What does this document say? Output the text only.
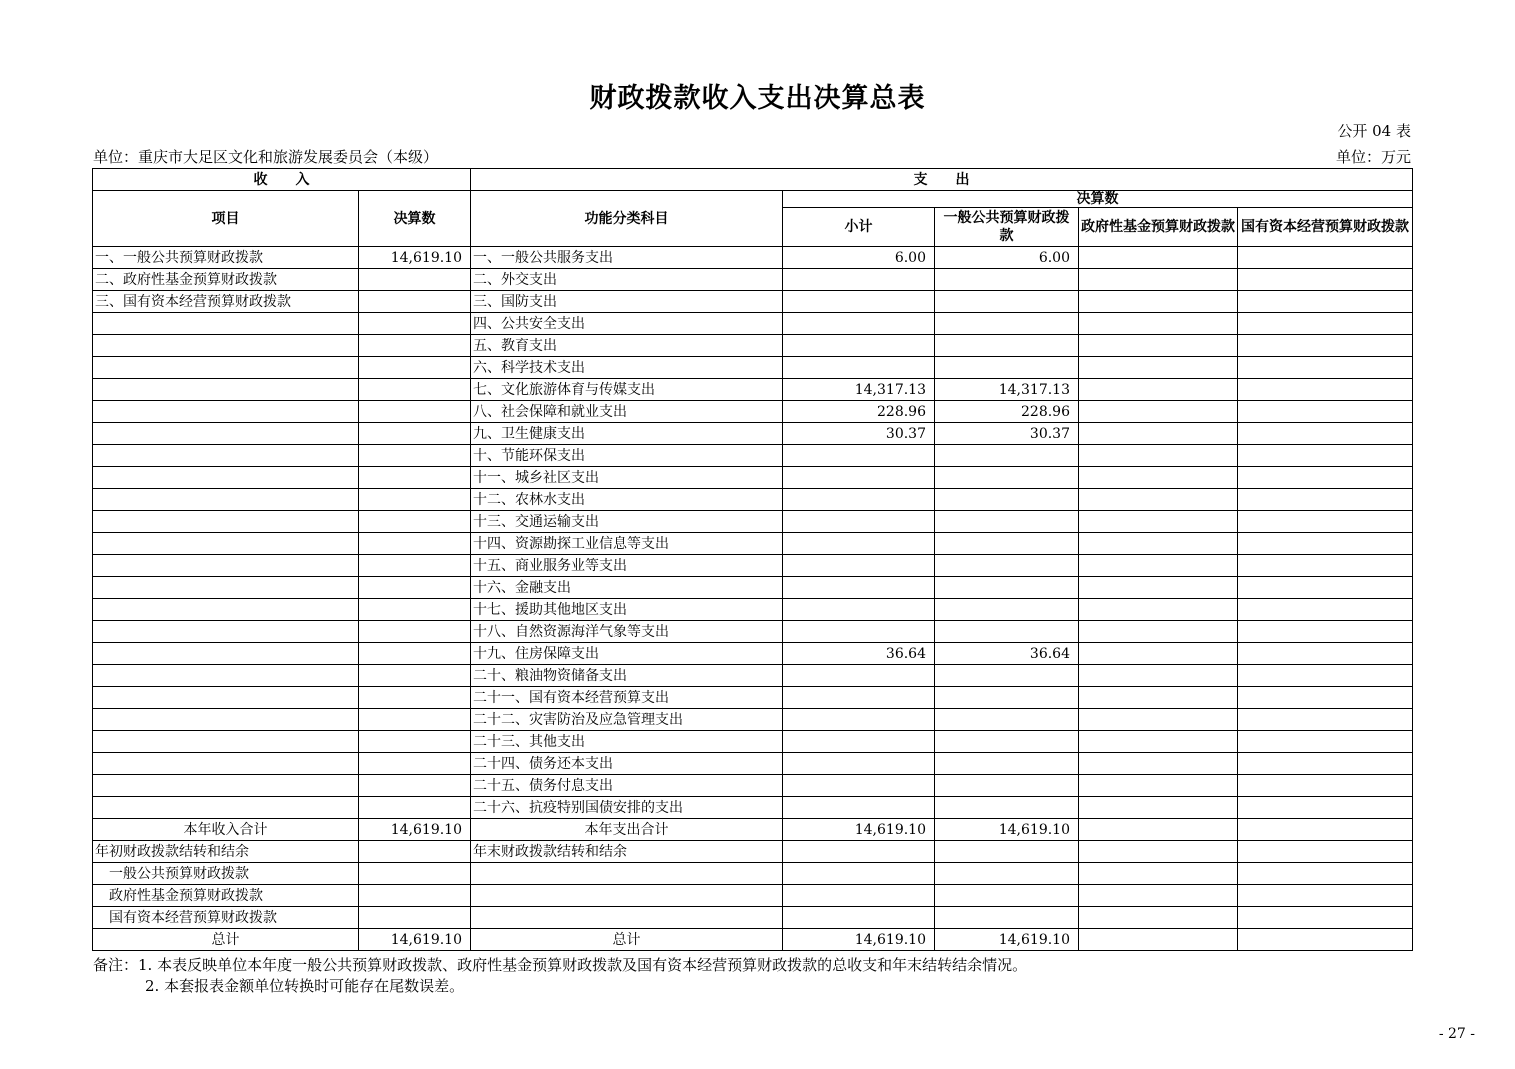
财政拨款收入支出决算总表
公开 04 表
单位：重庆市大足区文化和旅游发展委员会（本级）	单位：万元
收　　入		支　　出				
项目	决算数	功能分类科目	决算数			
			小计	一般公共预算财政拨款	政府性基金预算财政拨款	国有资本经营预算财政拨款
一、一般公共预算财政拨款	14,619.10	一、一般公共服务支出	6.00	6.00		
二、政府性基金预算财政拨款		二、外交支出				
三、国有资本经营预算财政拨款		三、国防支出				
		四、公共安全支出				
		五、教育支出				
		六、科学技术支出				
		七、文化旅游体育与传媒支出	14,317.13	14,317.13		
		八、社会保障和就业支出	228.96	228.96		
		九、卫生健康支出	30.37	30.37		
		十、节能环保支出				
		十一、城乡社区支出				
		十二、农林水支出				
		十三、交通运输支出				
		十四、资源勘探工业信息等支出				
		十五、商业服务业等支出				
		十六、金融支出				
		十七、援助其他地区支出				
		十八、自然资源海洋气象等支出				
		十九、住房保障支出	36.64	36.64		
		二十、粮油物资储备支出				
		二十一、国有资本经营预算支出				
		二十二、灾害防治及应急管理支出				
		二十三、其他支出				
		二十四、债务还本支出				
		二十五、债务付息支出				
		二十六、抗疫特别国债安排的支出				
本年收入合计	14,619.10	本年支出合计	14,619.10	14,619.10		
年初财政拨款结转和结余		年末财政拨款结转和结余				
一般公共预算财政拨款						
政府性基金预算财政拨款						
国有资本经营预算财政拨款						
总计	14,619.10	总计	14,619.10	14,619.10		
备注：1. 本表反映单位本年度一般公共预算财政拨款、政府性基金预算财政拨款及国有资本经营预算财政拨款的总收支和年末结转结余情况。
2. 本套报表金额单位转换时可能存在尾数误差。
- 27 -
